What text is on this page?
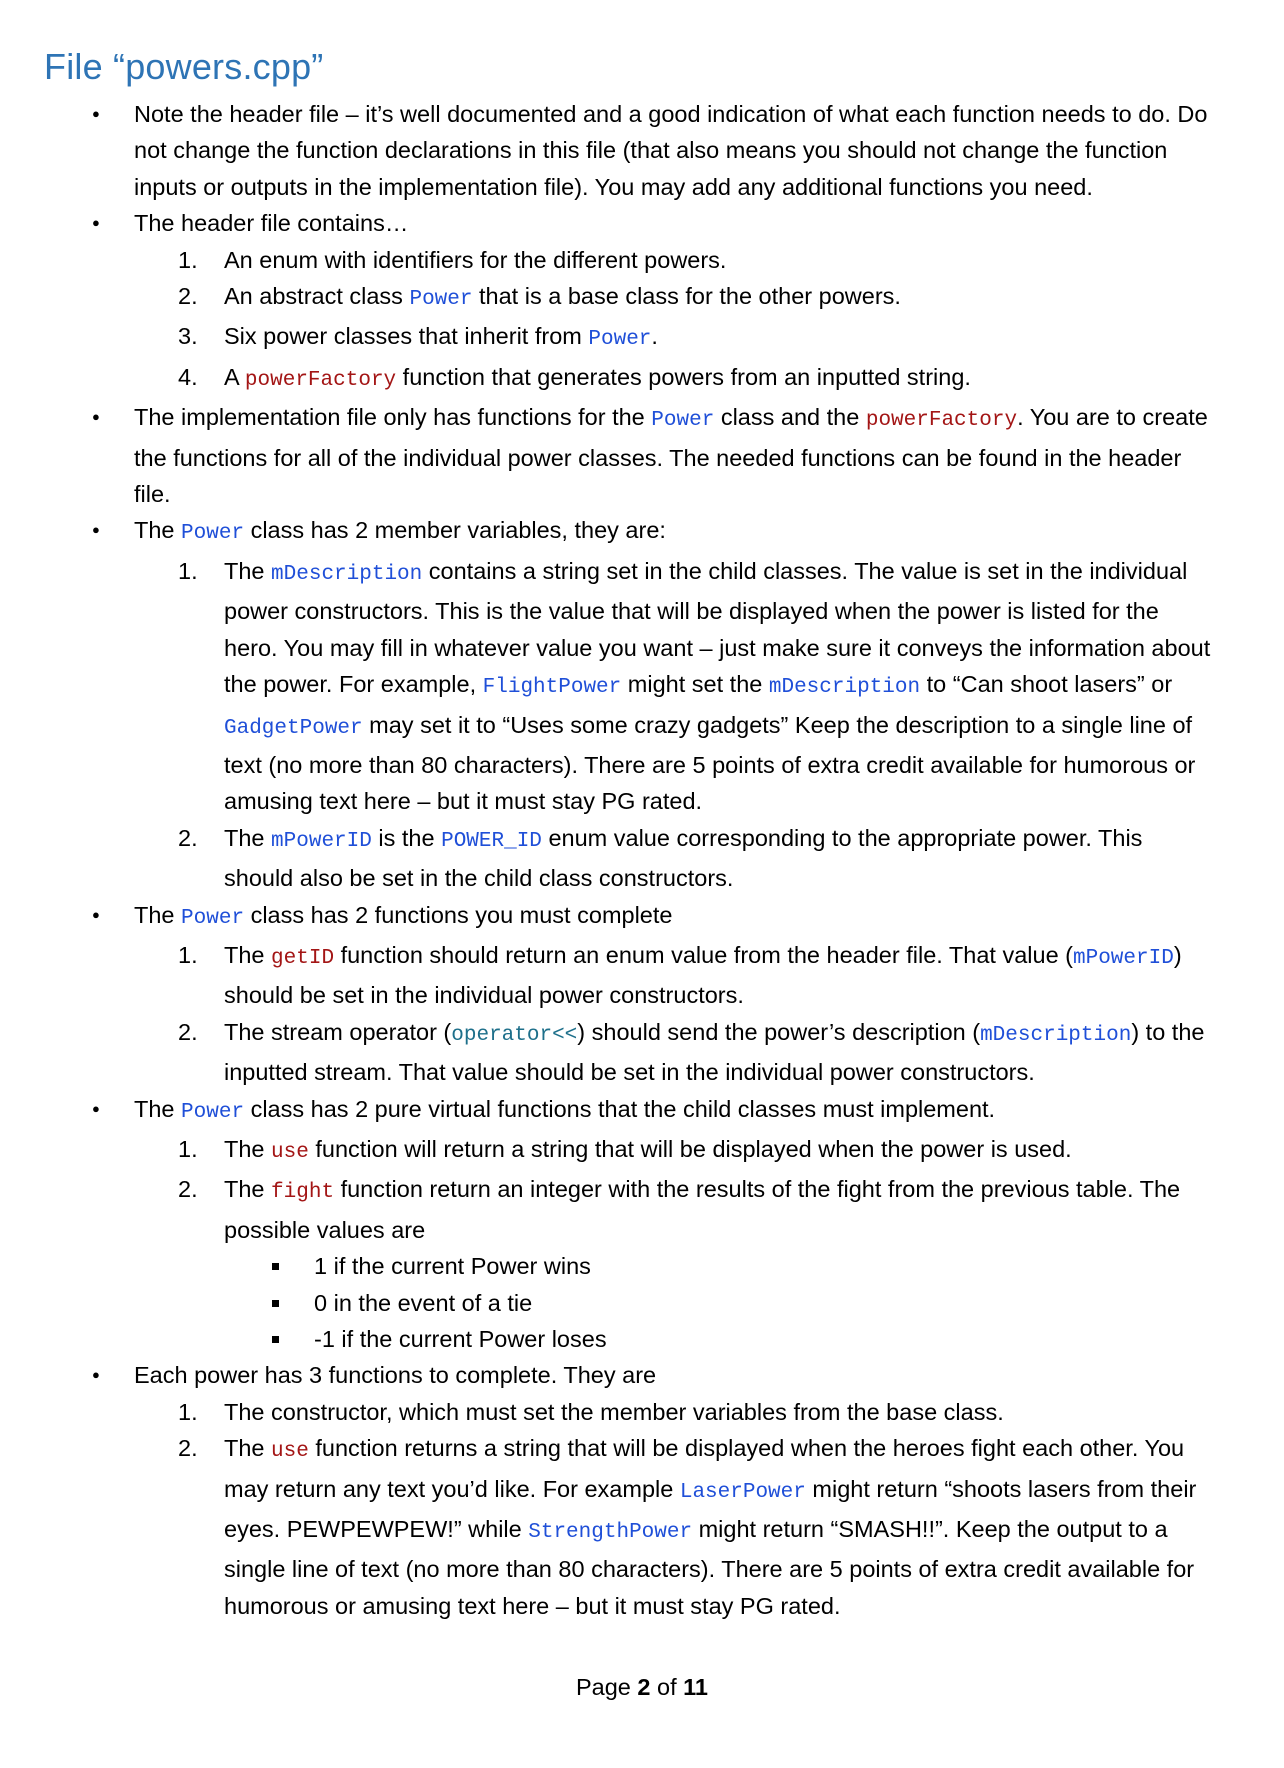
File “powers.cpp”
● Note the header file – it’s well documented and a good indication of what each function needs to do. Do not change the function declarations in this file (that also means you should not change the function inputs or outputs in the implementation file). You may add any additional functions you need.
● The header file contains…
1. An enum with identifiers for the different powers.
2. An abstract class Power that is a base class for the other powers.
3. Six power classes that inherit from Power.
4. A powerFactory function that generates powers from an inputted string.
● The implementation file only has functions for the Power class and the powerFactory. You are to create the functions for all of the individual power classes. The needed functions can be found in the header file.
● The Power class has 2 member variables, they are:
1. The mDescription contains a string set in the child classes. The value is set in the individual power constructors. This is the value that will be displayed when the power is listed for the hero. You may fill in whatever value you want – just make sure it conveys the information about the power. For example, FlightPower might set the mDescription to “Can shoot lasers” or GadgetPower may set it to “Uses some crazy gadgets” Keep the description to a single line of text (no more than 80 characters). There are 5 points of extra credit available for humorous or amusing text here – but it must stay PG rated.
2. The mPowerID is the POWER_ID enum value corresponding to the appropriate power. This should also be set in the child class constructors.
● The Power class has 2 functions you must complete
1. The getID function should return an enum value from the header file. That value (mPowerID) should be set in the individual power constructors.
2. The stream operator (operator<<) should send the power’s description (mDescription) to the inputted stream. That value should be set in the individual power constructors.
● The Power class has 2 pure virtual functions that the child classes must implement.
1. The use function will return a string that will be displayed when the power is used.
2. The fight function return an integer with the results of the fight from the previous table. The possible values are
1 if the current Power wins
0 in the event of a tie
-1 if the current Power loses
● Each power has 3 functions to complete. They are
1. The constructor, which must set the member variables from the base class.
2. The use function returns a string that will be displayed when the heroes fight each other. You may return any text you’d like. For example LaserPower might return “shoots lasers from their eyes. PEWPEWPEW!” while StrengthPower might return “SMASH!!”. Keep the output to a single line of text (no more than 80 characters). There are 5 points of extra credit available for humorous or amusing text here – but it must stay PG rated.
Page 2 of 11
